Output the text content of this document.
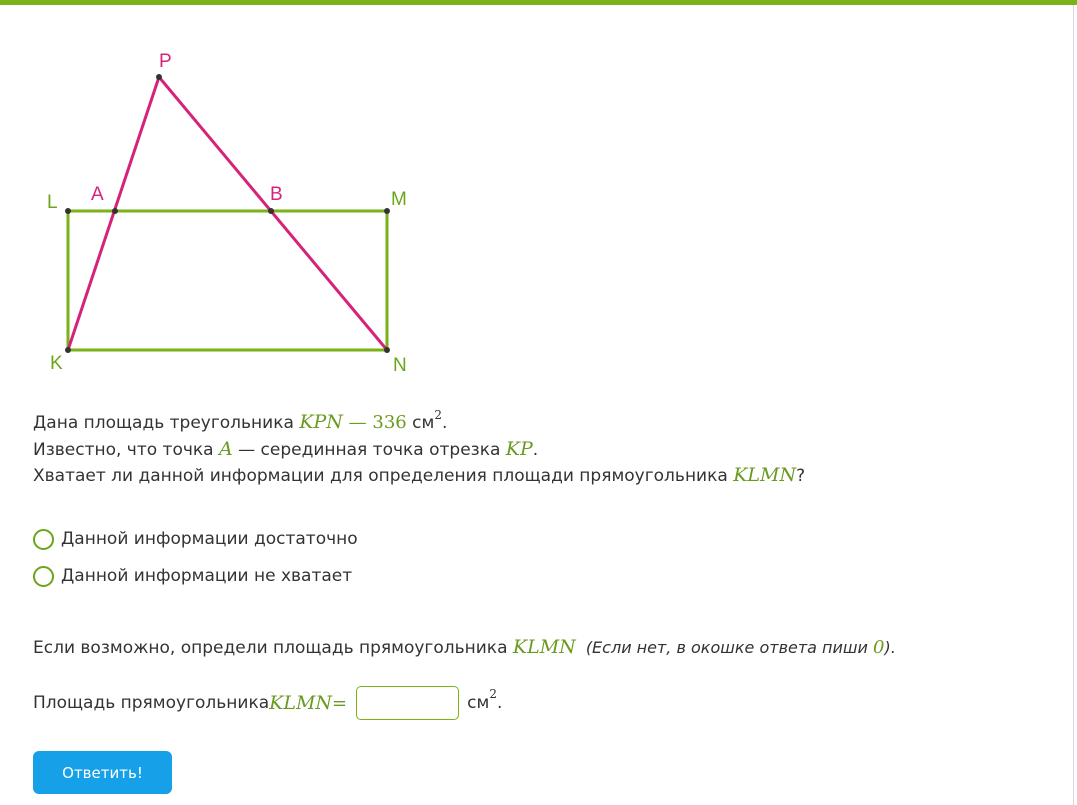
P
L A	B	M
K	N

Дана площадь треугольника KPN — 336 $см^2$.

Известно, что точка A — серединная точка отрезка KP.

Хватает ли данной информации для определения площади прямоугольника KLMN?

Данной информации достаточно
Данной информации не хватает
Если возможно, определи площадь прямоугольника KLMN (Если нет, в окошке ответа пиши 0).
Площадь прямоугольника KLMN =	см 2 .
Ответить!
